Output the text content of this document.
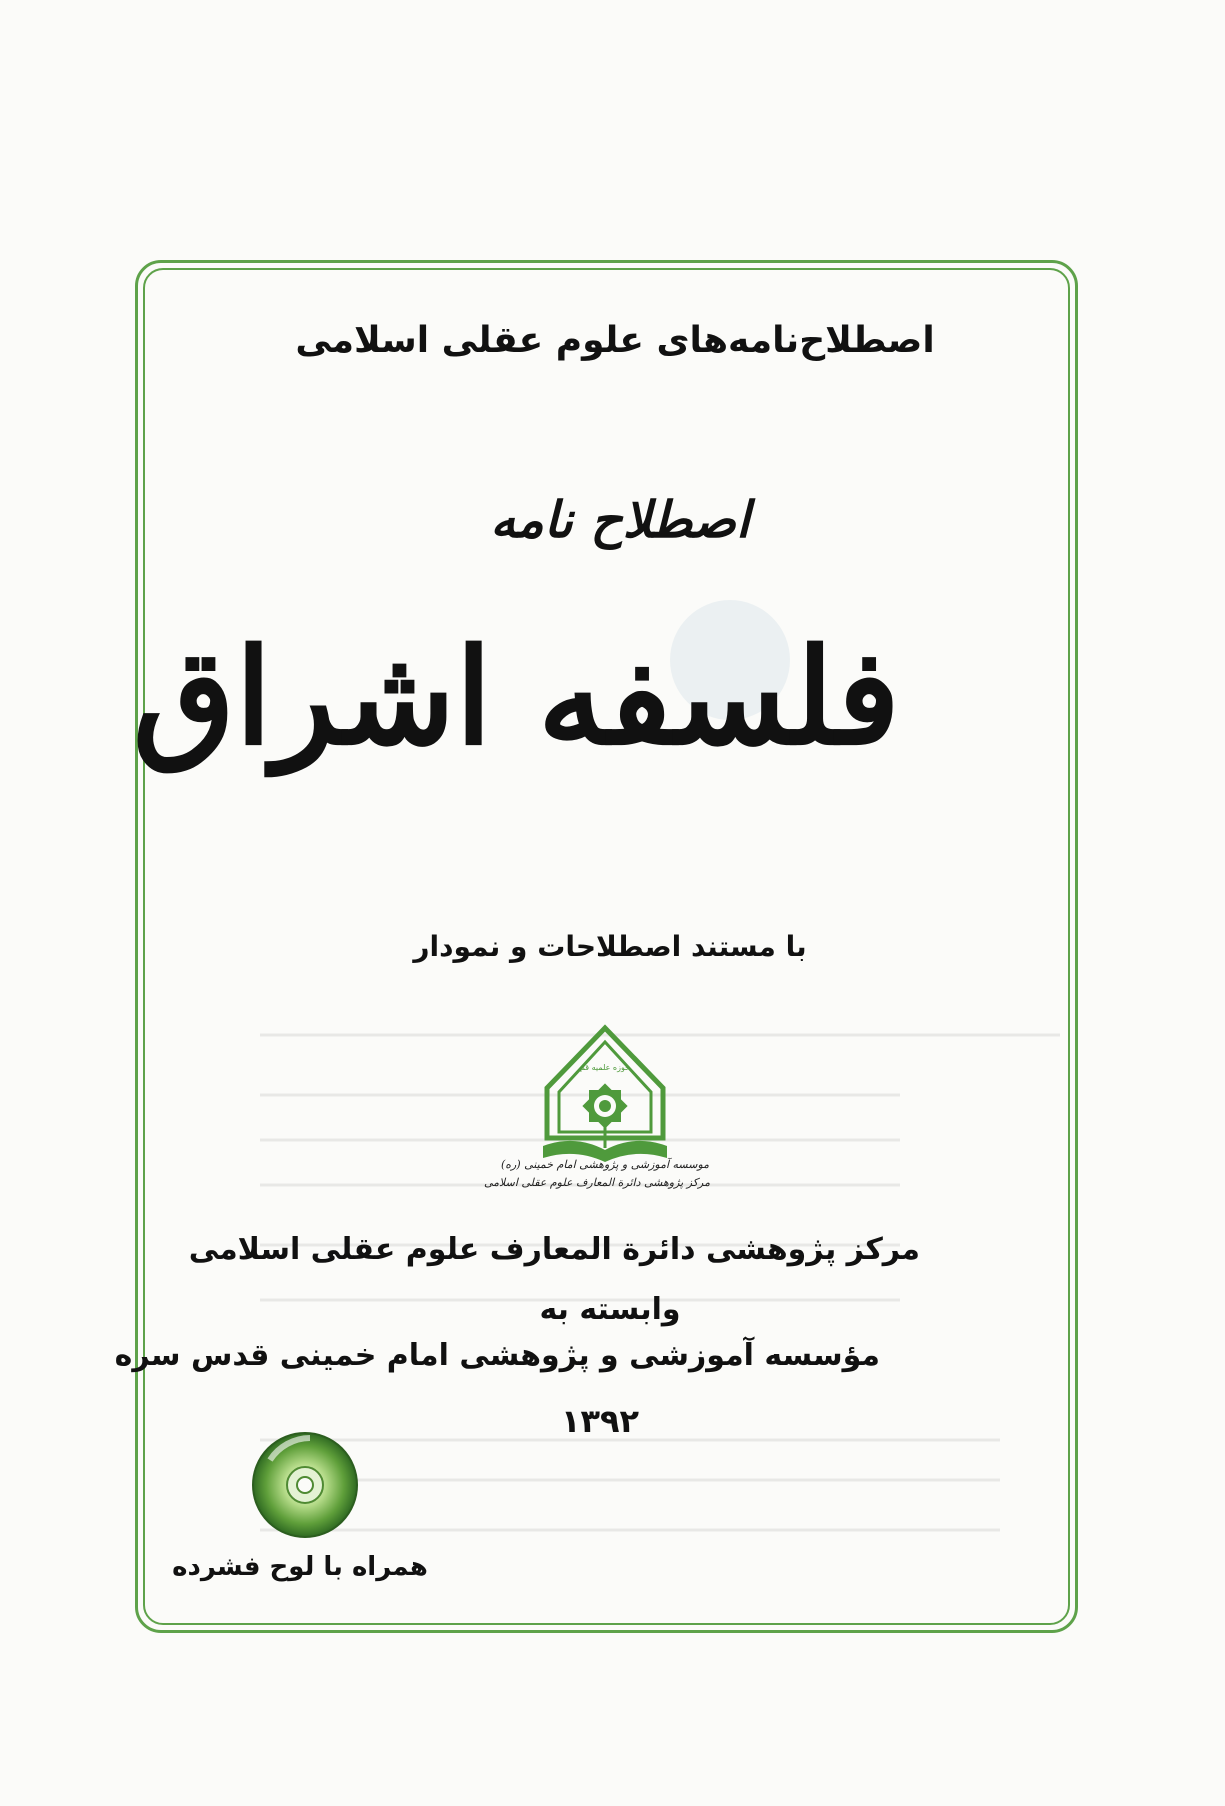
اصطلاح‌نامه‌های علوم عقلی اسلامی
اصطلاح نامه
فلسفه اشراق
با مستند اصطلاحات و نمودار
حوزه علمیه قم
موسسه آموزشی و پژوهشی امام خمینی (ره)
مرکز پژوهشی دائرة المعارف علوم عقلی اسلامی
مرکز پژوهشی دائرة المعارف علوم عقلی اسلامی
وابسته به
مؤسسه آموزشی و پژوهشی امام خمینی قدس سره
۱۳۹۲
همراه با لوح فشرده
